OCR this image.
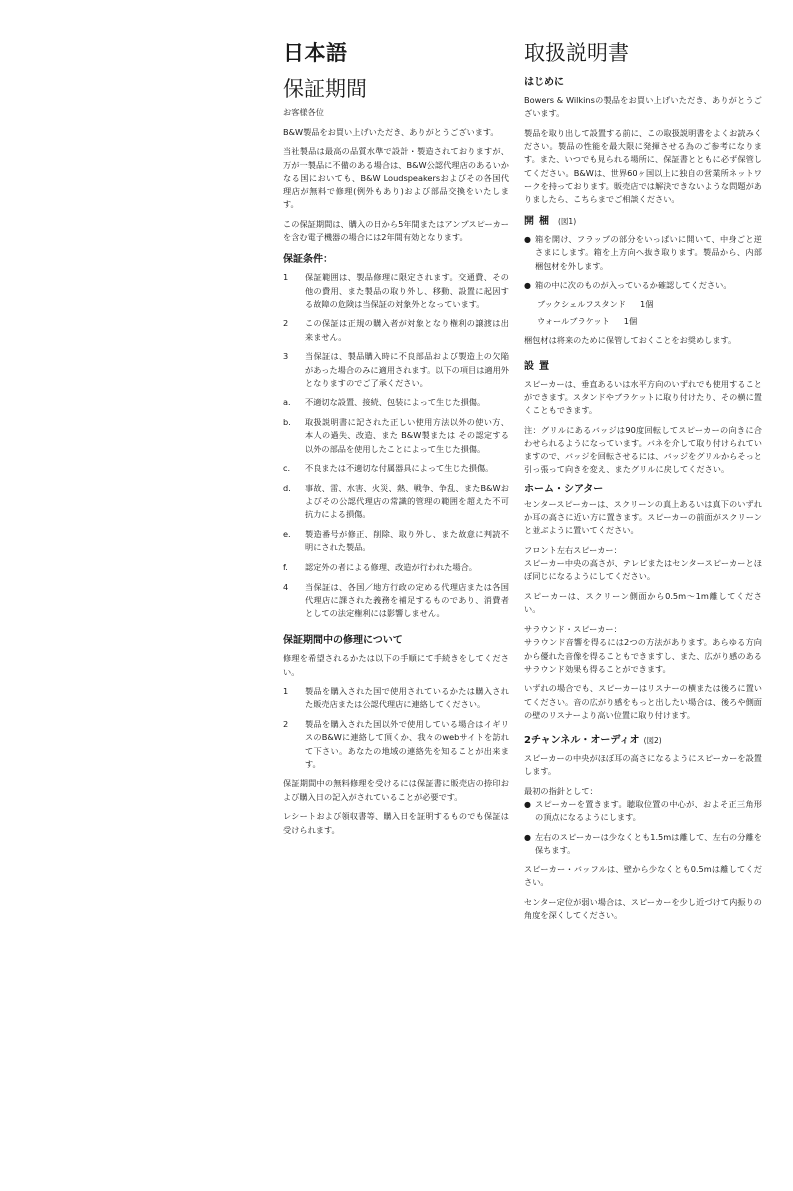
日本語
保証期間

お客様各位

B&W製品をお買い上げいただき、ありがとうございます。

当社製品は最高の品質水準で設計・製造されておりますが、万が一製品に不備のある場合は、B&W公認代理店のあるいかなる国においても、B&W Loudspeakersおよびその各国代理店が無料で修理(例外もあり)および部品交換をいたします。

この保証期間は、購入の日から5年間またはアンプスピーカーを含む電子機器の場合には2年間有効となります。

保証条件：
1	保証範囲は、製品修理に限定されます。交通費、その他の費用、また製品の取り外し、移動、設置に起因する故障の危険は当保証の対象外となっています。
2	この保証は正規の購入者が対象となり権利の譲渡は出来ません。
3	当保証は、製品購入時に不良部品および製造上の欠陥があった場合のみに適用されます。以下の項目は適用外となりますのでご了承ください。
a.	不適切な設置、接続、包装によって生じた損傷。
b.	取扱説明書に記された正しい使用方法以外の使い方、本人の過失、改造、また B&W製または その認定する以外の部品を使用したことによって生じた損傷。
c.	不良または不適切な付属器具によって生じた損傷。
d.	事故、雷、水害、火災、熱、戦争、争乱、またB&Wおよびその公認代理店の常識的管理の範囲を超えた不可抗力による損傷。
e.	製造番号が修正、削除、取り外し、また故意に判読不明にされた製品。
f.	認定外の者による修理、改造が行われた場合。
4	当保証は、各国／地方行政の定める代理店または各国代理店に課された義務を補足するものであり、消費者としての法定権利には影響しません。
保証期間中の修理について

修理を希望されるかたは以下の手順にて手続きをしてください。

1	製品を購入された国で使用されているかたは購入された販売店または公認代理店に連絡してください。
2	製品を購入された国以外で使用している場合はイギリスのB&Wに連絡して頂くか、我々のwebサイトを訪れて下さい。あなたの地域の連絡先を知ることが出来ます。

保証期間中の無料修理を受けるには保証書に販売店の捺印および購入日の記入がされていることが必要です。

レシートおよび領収書等、購入日を証明するものでも保証は受けられます。

取扱説明書
はじめに

Bowers & Wilkinsの製品をお買い上げいただき、ありがとうございます。

製品を取り出して設置する前に、この取扱説明書をよくお読みください。製品の性能を最大限に発揮させる為のご参考になります。また、いつでも見られる場所に、保証書とともに必ず保管してください。B&Wは、世界60ヶ国以上に独自の営業所ネットワークを持っております。販売店では解決できないような問題がありましたら、こちらまでご相談ください。

開梱 (図1)
● 箱を開け、フラップの部分をいっぱいに開いて、中身ごと逆さまにします。箱を上方向へ抜き取ります。製品から、内部梱包材を外します。
● 箱の中に次のものが入っているか確認してください。
ブックシェルフスタンド 1個
ウォールブラケット 1個

梱包材は将来のために保管しておくことをお奨めします。

設置

スピーカーは、垂直あるいは水平方向のいずれでも使用することができます。スタンドやブラケットに取り付けたり、その横に置くこともできます。

注：グリルにあるバッジは90度回転してスピーカーの向きに合わせられるようになっています。バネを介して取り付けられていますので、バッジを回転させるには、バッジをグリルからそっと引っ張って向きを変え、またグリルに戻してください。

ホーム・シアター

センタースピーカーは、スクリーンの真上あるいは真下のいずれか耳の高さに近い方に置きます。スピーカーの前面がスクリーンと並ぶように置いてください。

フロント左右スピーカー：

スピーカー中央の高さが、テレビまたはセンタースピーカーとほぼ同じになるようにしてください。

スピーカーは、スクリーン側面から0.5m～1m離してください。

サラウンド・スピーカー：

サラウンド音響を得るには2つの方法があります。あらゆる方向から優れた音像を得ることもできますし、また、広がり感のあるサラウンド効果も得ることができます。

いずれの場合でも、スピーカーはリスナーの横または後ろに置いてください。音の広がり感をもっと出したい場合は、後ろや側面の壁のリスナーより高い位置に取り付けます。

2チャンネル・オーディオ (図2)

スピーカーの中央がほぼ耳の高さになるようにスピーカーを設置します。

最初の指針として：
● スピーカーを置きます。聴取位置の中心が、およそ正三角形の頂点になるようにします。
● 左右のスピーカーは少なくとも1.5mは離して、左右の分離を保ちます。

スピーカー・バッフルは、壁から少なくとも0.5mは離してください。

センター定位が弱い場合は、スピーカーを少し近づけて内振りの角度を深くしてください。
